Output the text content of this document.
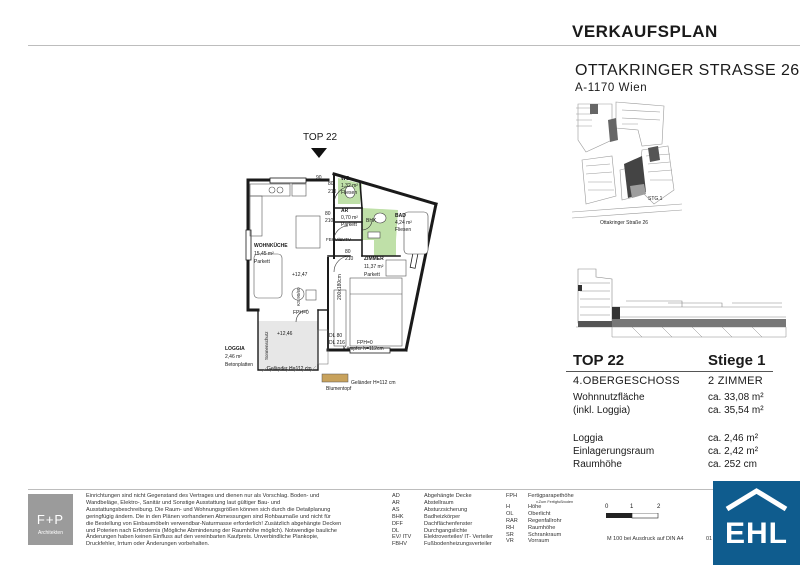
VERKAUFSPLAN
OTTAKRINGER STRASSE 26
A-1170 Wien
STG.1
Ottakringer Straße 26
TOP 22	Stiege 1
4.OBERGESCHOSS	2 ZIMMER
Wohnnutzfläche	ca. 33,08 m²
(inkl. Loggia)	ca. 35,54 m²
Loggia	ca. 2,46 m²
Einlagerungsraum	ca. 2,42 m²
Raumhöhe	ca. 252 cm
TOP 22
WC
1,32 m²
Fliesen
AR
0,70 m²
Parkett
BAD
4,24 m²
Fliesen
WOHNKÜCHE
15,45 m²
Parkett	ZIMMER
11,37 m²
Parkett
LOGGIA
2,46 m²
Betonplatten
80
210
80
210
80
210
90
BHK
FBHV/EVTV
+12,47
+12,46
FPH=0
FPH=0
DL 80
DL 216
Kämpfer h=112cm
200x180cm
Geländer H=112 cm
Geländer H=112 cm
Blumentopf
Sonnenschutz
KS 90/60
F+P
Architekten
Einrichtungen sind nicht Gegenstand des Vertrages und dienen nur als Vorschlag. Boden- und
Wandbeläge, Elektro-, Sanitär und Sonstige Ausstattung laut gültiger Bau- und
Ausstattungsbeschreibung. Die Raum- und Wohnungsgrößen können sich durch die Detailplanung
geringfügig ändern. Die in den Plänen vorhandenen Abmessungen sind Rohbaumaße und nicht für
die Bestellung von Einbaumöbeln verwendbar-Naturmasse erforderlich! Zusätzlich abgehängte Decken
und Poterien nach Erfordernis (Mögliche Abminderung der Raumhöhe möglich). Notwendige bauliche
Änderungen haben keinen Einfluss auf den vereinbarten Kaufpreis. Unverbindliche Plankopie,
Druckfehler, Irrtum oder Änderungen vorbehalten.
AD	Abgehängte Decke
AR	Abstellraum
AS	Absturzsicherung
BHK	Badheizkörper
DFF	Dachflächenfenster
DL	Durchgangslichte
EV/ ITV Elektroverteiler/ IT- Verteiler
FBHV	Fußbodenheizungsverteiler
FPH Fertigparapethöhe
v.Zum Fertigfußboden
H	Höhe
OL	Oberlicht
RAR Regenfallrohr
RH Raumhöhe
SR	Schrankraum
VR	Vorraum
0	1	2
M 100 bei Ausdruck auf DIN A4	01 EHL
